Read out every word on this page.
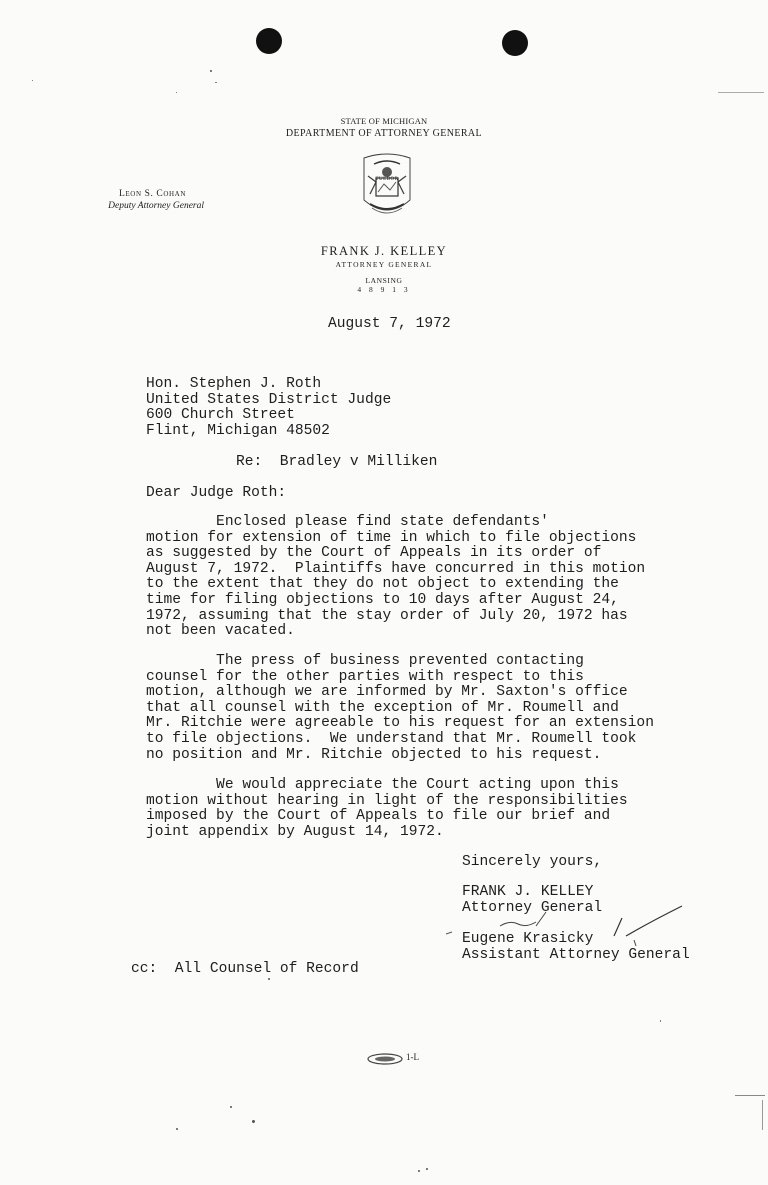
STATE OF MICHIGAN
DEPARTMENT OF ATTORNEY GENERAL
Leon S. Cohan
Deputy Attorney General
TUEBOR
FRANK J. KELLEY
ATTORNEY GENERAL
LANSING
4 8 9 1 3
August 7, 1972
Hon. Stephen J. Roth
United States District Judge
600 Church Street
Flint, Michigan 48502
Re:  Bradley v Milliken
Dear Judge Roth:
Enclosed please find state defendants'
motion for extension of time in which to file objections
as suggested by the Court of Appeals in its order of
August 7, 1972.  Plaintiffs have concurred in this motion
to the extent that they do not object to extending the
time for filing objections to 10 days after August 24,
1972, assuming that the stay order of July 20, 1972 has
not been vacated.
The press of business prevented contacting
counsel for the other parties with respect to this
motion, although we are informed by Mr. Saxton's office
that all counsel with the exception of Mr. Roumell and
Mr. Ritchie were agreeable to his request for an extension
to file objections.  We understand that Mr. Roumell took
no position and Mr. Ritchie objected to his request.
We would appreciate the Court acting upon this
motion without hearing in light of the responsibilities
imposed by the Court of Appeals to file our brief and
joint appendix by August 14, 1972.
Sincerely yours,
FRANK J. KELLEY
Attorney General
Eugene Krasicky
Assistant Attorney General
cc:  All Counsel of Record
1-L
